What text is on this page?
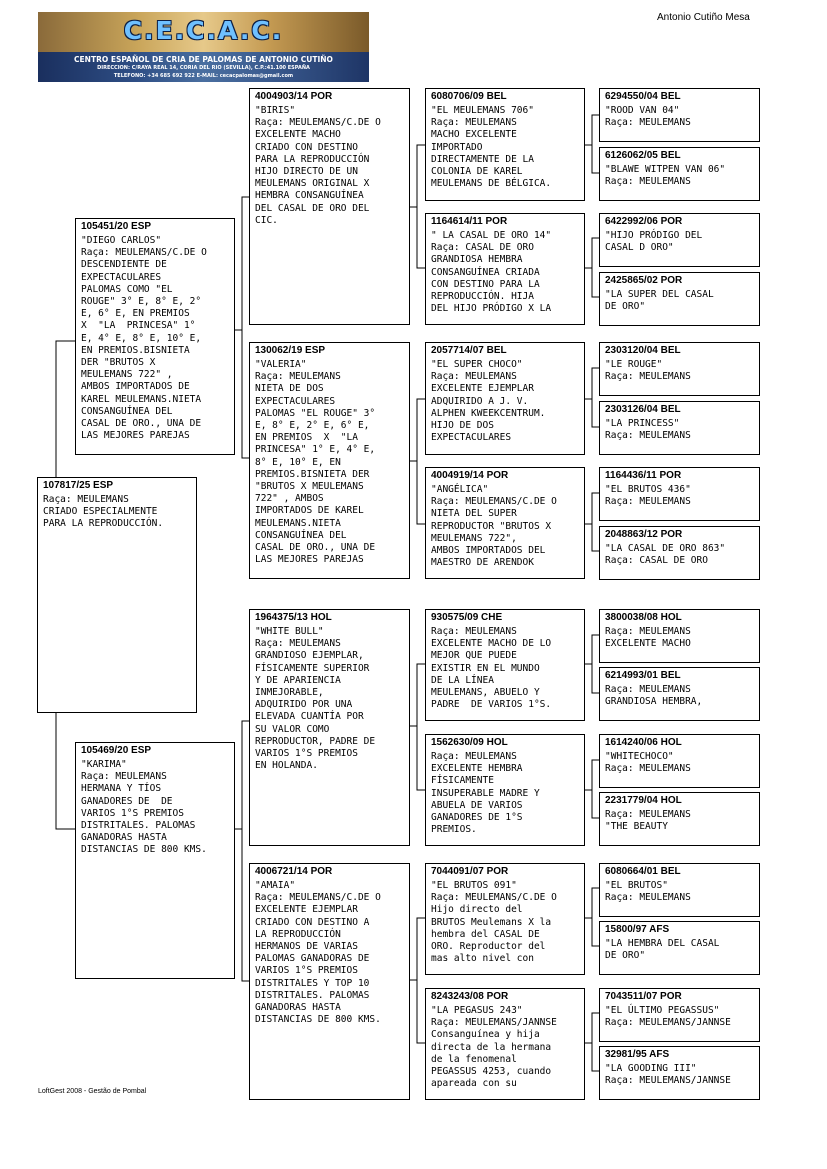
C.E.C.A.C.
CENTRO ESPAÑOL DE CRIA DE PALOMAS DE ANTONIO CUTIÑO
DIRECCION: C/RAYA REAL 14, CORIA DEL RIO (SEVILLA), C.P.:41.100 ESPAÑA
TELEFONO: +34 685 692 922 E-MAIL: cecacpalomas@gmail.com
Antonio Cutiño Mesa
107817/25 ESP
Raça: MEULEMANS
CRIADO ESPECIALMENTE
PARA LA REPRODUCCIÓN.
105451/20 ESP
"DIEGO CARLOS"
Raça: MEULEMANS/C.DE O
DESCENDIENTE DE
EXPECTACULARES
PALOMAS COMO "EL
ROUGE" 3° E, 8° E, 2°
E, 6° E, EN PREMIOS
X  "LA  PRINCESA" 1°
E, 4° E, 8° E, 10° E,
EN PREMIOS.BISNIETA
DER "BRUTOS X
MEULEMANS 722" ,
AMBOS IMPORTADOS DE
KAREL MEULEMANS.NIETA
CONSANGUÍNEA DEL
CASAL DE ORO., UNA DE
LAS MEJORES PAREJAS
105469/20 ESP
"KARIMA"
Raça: MEULEMANS
HERMANA Y TÍOS
GANADORES DE  DE
VARIOS 1°S PREMIOS
DISTRITALES. PALOMAS
GANADORAS HASTA
DISTANCIAS DE 800 KMS.
4004903/14 POR
"BIRIS"
Raça: MEULEMANS/C.DE O
EXCELENTE MACHO
CRIADO CON DESTINO
PARA LA REPRODUCCIÓN
HIJO DIRECTO DE UN
MEULEMANS ORIGINAL X
HEMBRA CONSANGUÍNEA
DEL CASAL DE ORO DEL
CIC.
130062/19 ESP
"VALERIA"
Raça: MEULEMANS
NIETA DE DOS
EXPECTACULARES
PALOMAS "EL ROUGE" 3°
E, 8° E, 2° E, 6° E,
EN PREMIOS  X  "LA
PRINCESA" 1° E, 4° E,
8° E, 10° E, EN
PREMIOS.BISNIETA DER
"BRUTOS X MEULEMANS
722" , AMBOS
IMPORTADOS DE KAREL
MEULEMANS.NIETA
CONSANGUÍNEA DEL
CASAL DE ORO., UNA DE
LAS MEJORES PAREJAS
1964375/13 HOL
"WHITE BULL"
Raça: MEULEMANS
GRANDIOSO EJEMPLAR,
FÍSICAMENTE SUPERIOR
Y DE APARIENCIA
INMEJORABLE,
ADQUIRIDO POR UNA
ELEVADA CUANTÍA POR
SU VALOR COMO
REPRODUCTOR, PADRE DE
VARIOS 1°S PREMIOS
EN HOLANDA.
4006721/14 POR
"AMAIA"
Raça: MEULEMANS/C.DE O
EXCELENTE EJEMPLAR
CRIADO CON DESTINO A
LA REPRODUCCIÓN
HERMANOS DE VARIAS
PALOMAS GANADORAS DE
VARIOS 1°S PREMIOS
DISTRITALES Y TOP 10
DISTRITALES. PALOMAS
GANADORAS HASTA
DISTANCIAS DE 800 KMS.
6080706/09 BEL
"EL MEULEMANS 706"
Raça: MEULEMANS
MACHO EXCELENTE
IMPORTADO
DIRECTAMENTE DE LA
COLONIA DE KAREL
MEULEMANS DE BÉLGICA.
1164614/11 POR
" LA CASAL DE ORO 14"
Raça: CASAL DE ORO
GRANDIOSA HEMBRA
CONSANGUÍNEA CRIADA
CON DESTINO PARA LA
REPRODUCCIÓN. HIJA
DEL HIJO PRÓDIGO X LA
2057714/07 BEL
"EL SUPER CHOCO"
Raça: MEULEMANS
EXCELENTE EJEMPLAR
ADQUIRIDO A J. V.
ALPHEN KWEEKCENTRUM.
HIJO DE DOS
EXPECTACULARES
4004919/14 POR
"ANGÉLICA"
Raça: MEULEMANS/C.DE O
NIETA DEL SUPER
REPRODUCTOR "BRUTOS X
MEULEMANS 722",
AMBOS IMPORTADOS DEL
MAESTRO DE ARENDOK
930575/09 CHE
Raça: MEULEMANS
EXCELENTE MACHO DE LO
MEJOR QUE PUEDE
EXISTIR EN EL MUNDO
DE LA LÍNEA
MEULEMANS, ABUELO Y
PADRE  DE VARIOS 1°S.
1562630/09 HOL
Raça: MEULEMANS
EXCELENTE HEMBRA
FÍSICAMENTE
INSUPERABLE MADRE Y
ABUELA DE VARIOS
GANADORES DE 1°S
PREMIOS.
7044091/07 POR
"EL BRUTOS 091"
Raça: MEULEMANS/C.DE O
Hijo directo del
BRUTOS Meulemans X la
hembra del CASAL DE
ORO. Reproductor del
mas alto nivel con
8243243/08 POR
"LA PEGASUS 243"
Raça: MEULEMANS/JANNSE
Consanguínea y hija
directa de la hermana
de la fenomenal
PEGASSUS 4253, cuando
apareada con su
6294550/04 BEL
"ROOD VAN 04"
Raça: MEULEMANS
6126062/05 BEL
"BLAWE WITPEN VAN 06"
Raça: MEULEMANS
6422992/06 POR
"HIJO PRÓDIGO DEL
CASAL D ORO"
2425865/02 POR
"LA SUPER DEL CASAL
DE ORO"
2303120/04 BEL
"LE ROUGE"
Raça: MEULEMANS
2303126/04 BEL
"LA PRINCESS"
Raça: MEULEMANS
1164436/11 POR
"EL BRUTOS 436"
Raça: MEULEMANS
2048863/12 POR
"LA CASAL DE ORO 863"
Raça: CASAL DE ORO
3800038/08 HOL
Raça: MEULEMANS
EXCELENTE MACHO
6214993/01 BEL
Raça: MEULEMANS
GRANDIOSA HEMBRA,
1614240/06 HOL
"WHITECHOCO"
Raça: MEULEMANS
2231779/04 HOL
Raça: MEULEMANS
"THE BEAUTY
6080664/01 BEL
"EL BRUTOS"
Raça: MEULEMANS
15800/97 AFS
"LA HEMBRA DEL CASAL
DE ORO"
7043511/07 POR
"EL ÚLTIMO PEGASSUS"
Raça: MEULEMANS/JANNSE
32981/95 AFS
"LA GOODING III"
Raça: MEULEMANS/JANNSE
LoftGest 2008 - Gestão de Pombal
